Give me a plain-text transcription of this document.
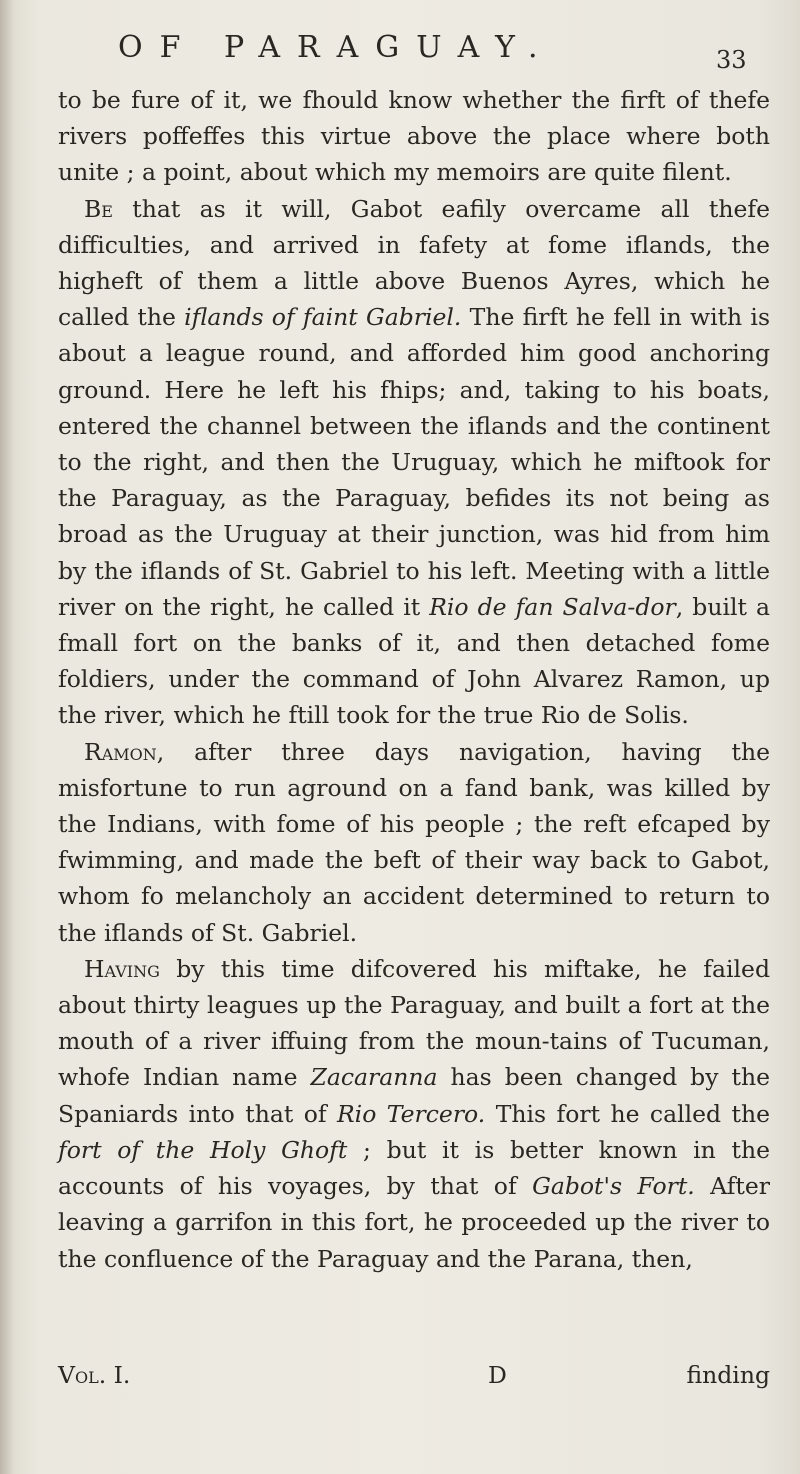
OF PARAGUAY.	33

to be fure of it, we fhould know whether the firft of thefe rivers poffeffes this virtue above the place where both unite ; a point, about which my memoirs are quite filent.

Be that as it will, Gabot eafily overcame all thefe difficulties, and arrived in fafety at fome iflands, the higheft of them a little above Buenos Ayres, which he called the iflands of faint Gabriel. The firft he fell in with is about a league round, and afforded him good anchoring ground. Here he left his fhips; and, taking to his boats, entered the channel between the iflands and the continent to the right, and then the Uruguay, which he miftook for the Paraguay, as the Paraguay, befides its not being as broad as the Uruguay at their junction, was hid from him by the iflands of St. Gabriel to his left. Meeting with a little river on the right, he called it Rio de fan Salva-dor, built a fmall fort on the banks of it, and then detached fome foldiers, under the command of John Alvarez Ramon, up the river, which he ftill took for the true Rio de Solis.

Ramon, after three days navigation, having the misfortune to run aground on a fand bank, was killed by the Indians, with fome of his people ; the reft efcaped by fwimming, and made the beft of their way back to Gabot, whom fo melancholy an accident determined to return to the iflands of St. Gabriel.

Having by this time difcovered his miftake, he failed about thirty leagues up the Paraguay, and built a fort at the mouth of a river iffuing from the moun-tains of Tucuman, whofe Indian name Zacaranna has been changed by the Spaniards into that of Rio Tercero. This fort he called the fort of the Holy Ghoft ; but it is better known in the accounts of his voyages, by that of Gabot's Fort. After leaving a garrifon in this fort, he proceeded up the river to the confluence of the Paraguay and the Parana, then,

Vol. I.	D	finding
